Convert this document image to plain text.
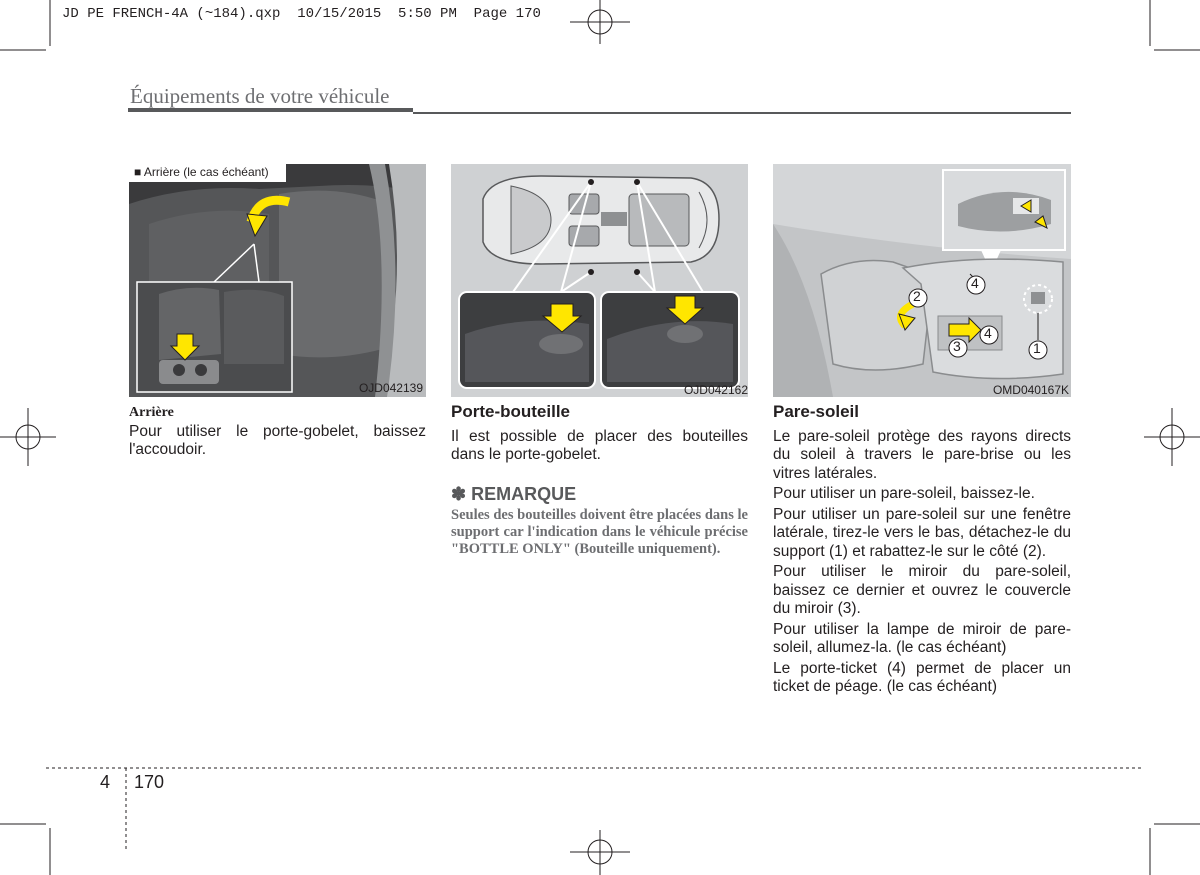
JD PE FRENCH-4A (~184).qxp  10/15/2015  5:50 PM  Page 170
Équipements de votre véhicule
■ Arrière (le cas échéant)
OJD042139	OJD042162
1
2
3
4
4
OMD040167K
Arrière

Pour utiliser le porte-gobelet, baissez l'accoudoir.

Porte-bouteille

Il est possible de placer des bouteilles dans le porte-gobelet.

✽ REMARQUE
Seules des bouteilles doivent être placées dans le support car l'indication dans le véhicule précise "BOTTLE ONLY" (Bouteille uniquement).
Pare-soleil

Le pare-soleil protège des rayons directs du soleil à travers le pare-brise ou les vitres latérales.

Pour utiliser un pare-soleil, baissez-le.

Pour utiliser un pare-soleil sur une fenêtre latérale, tirez-le vers le bas, détachez-le du support (1) et rabattez-le sur le côté (2).

Pour utiliser le miroir du pare-soleil, baissez ce dernier et ouvrez le couvercle du miroir (3).

Pour utiliser la lampe de miroir de pare-soleil, allumez-la. (le cas échéant)

Le porte-ticket (4) permet de placer un ticket de péage. (le cas échéant)

4 170
